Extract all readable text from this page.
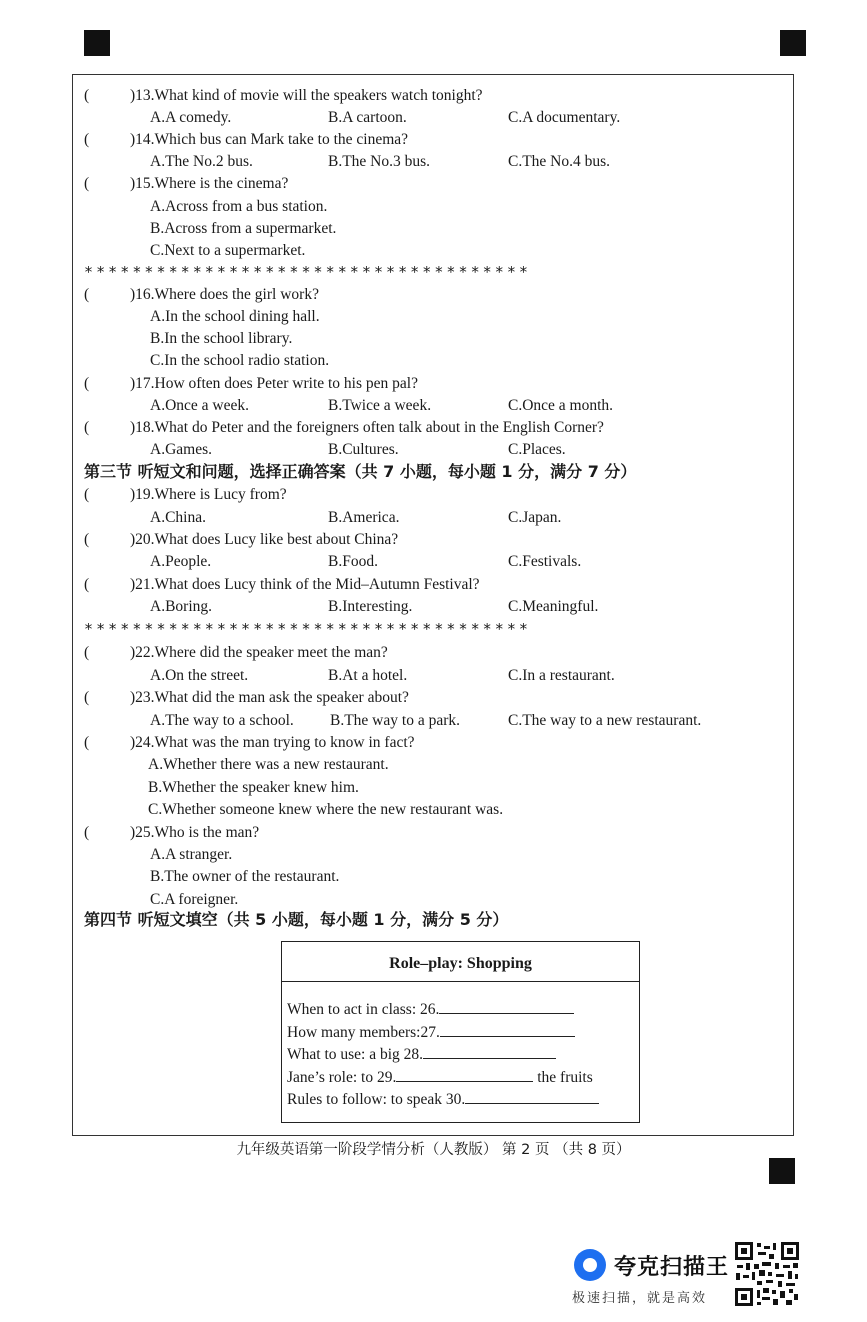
(	)13.What kind of movie will the speakers watch tonight?
A.A comedy.	B.A cartoon.	C.A documentary.
(	)14.Which bus can Mark take to the cinema?
A.The No.2 bus.	B.The No.3 bus.	C.The No.4 bus.
(	)15.Where is the cinema?
A.Across from a bus station.
B.Across from a supermarket.
C.Next to a supermarket.
*************************************
(	)16.Where does the girl work?
A.In the school dining hall.
B.In the school library.
C.In the school radio station.
(	)17.How often does Peter write to his pen pal?
A.Once a week.	B.Twice a week.	C.Once a month.
(	)18.What do Peter and the foreigners often talk about in the English Corner?
A.Games.	B.Cultures.	C.Places.
第三节 听短文和问题，选择正确答案（共 7 小题，每小题 1 分，满分 7 分）
(	)19.Where is Lucy from?
A.China.	B.America.	C.Japan.
(	)20.What does Lucy like best about China?
A.People.	B.Food.	C.Festivals.
(	)21.What does Lucy think of the Mid–Autumn Festival?
A.Boring.	B.Interesting.	C.Meaningful.
*************************************
(	)22.Where did the speaker meet the man?
A.On the street.	B.At a hotel.	C.In a restaurant.
(	)23.What did the man ask the speaker about?
A.The way to a school. B.The way to a park.	C.The way to a new restaurant.
(	)24.What was the man trying to know in fact?
A.Whether there was a new restaurant.
B.Whether the speaker knew him.
C.Whether someone knew where the new restaurant was.
(	)25.Who is the man?
A.A stranger.
B.The owner of the restaurant.
C.A foreigner.
第四节 听短文填空（共 5 小题，每小题 1 分，满分 5 分）
Role–play: Shopping
When to act in class: 26.
How many members:27.
What to use: a big 28.
Jane’s role: to 29.	the fruits
Rules to follow: to speak 30.
九年级英语第一阶段学情分析（人教版） 第 2 页 （共 8 页）
夸克扫描王
极速扫描，就是高效
